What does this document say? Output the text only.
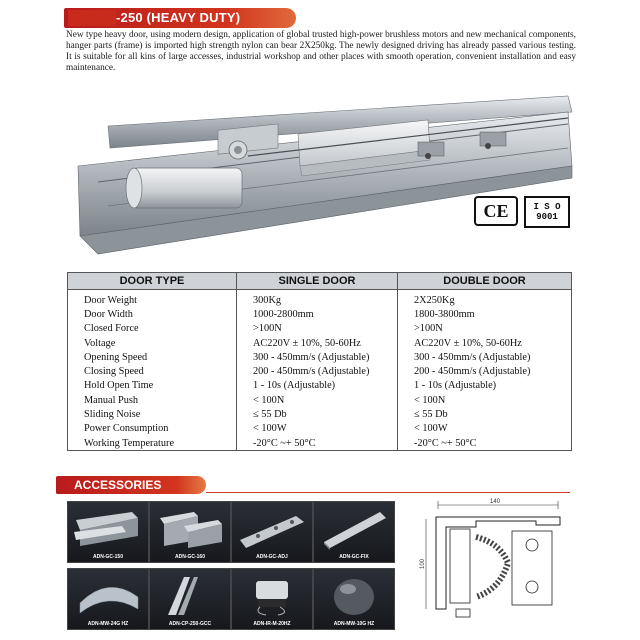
-250 (HEAVY DUTY)
New type heavy door, using modern design, application of global trusted high-power brushless motors and new mechanical components, hanger parts (frame) is imported high strength nylon can bear 2X250kg. The newly designed driving has already passed various testing. It is suitable for all kins of large accesses, industrial workshop and other places with smooth operation, convenient installation and easy maintenance.
CE	I S O
9001
DOOR TYPE	SINGLE DOOR	DOUBLE DOOR
Door Weight	300Kg	2X250Kg
Door Width	1000-2800mm	1800-3800mm
Closed Force	>100N	>100N
Voltage	AC220V ± 10%, 50-60Hz	AC220V ± 10%, 50-60Hz
Opening Speed	300 - 450mm/s (Adjustable)	300 - 450mm/s (Adjustable)
Closing Speed	200 - 450mm/s (Adjustable)	200 - 450mm/s (Adjustable)
Hold Open Time	1 - 10s (Adjustable)	1 - 10s (Adjustable)
Manual Push	< 100N	< 100N
Sliding Noise	≤ 55 Db	≤ 55 Db
Power Consumption	< 100W	< 100W
Working Temperature	-20°C ~+ 50°C	-20°C ~+ 50°C
ACCESSORIES
ADN-GC-150	ADN-GC-160	ADN-GC-ADJ	ADN-GC-FIX
ADN-MW-24G HZ	ADN-CP-250-GCC	ADN-IR-M-20HZ	ADN-MW-10G HZ
140
100
